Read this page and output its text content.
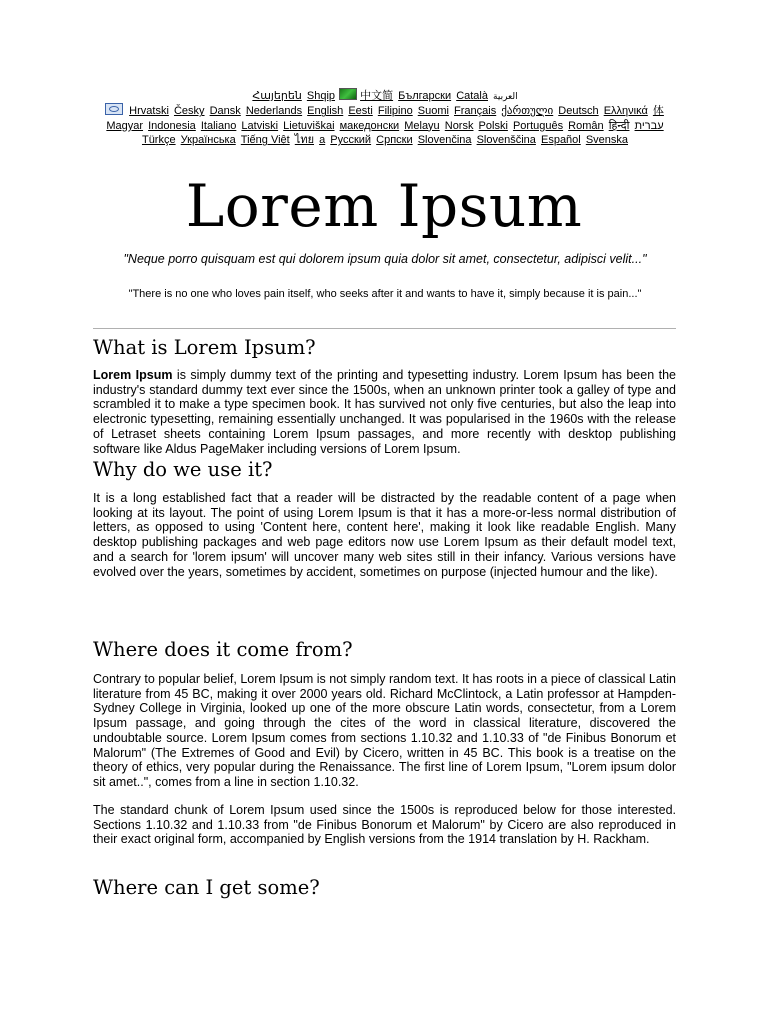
Հայերեն Shqip 中文简 Български Català العربية
Hrvatski Česky Dansk Nederlands English Eesti Filipino Suomi Français ქართული Deutsch Ελληνικά 体
Magyar Indonesia Italiano Latviski Lietuviškai македонски Melayu Norsk Polski Português Român हिन्दी עברית
Türkçe Українська Tiếng Việt ไทย a Русский Српски Slovenčina Slovenščina Español Svenska
Lorem Ipsum

"Neque porro quisquam est qui dolorem ipsum quia dolor sit amet, consectetur, adipisci velit..."

"There is no one who loves pain itself, who seeks after it and wants to have it, simply because it is pain..."

What is Lorem Ipsum?

Lorem Ipsum is simply dummy text of the printing and typesetting industry. Lorem Ipsum has been the industry's standard dummy text ever since the 1500s, when an unknown printer took a galley of type and scrambled it to make a type specimen book. It has survived not only five centuries, but also the leap into electronic typesetting, remaining essentially unchanged. It was popularised in the 1960s with the release of Letraset sheets containing Lorem Ipsum passages, and more recently with desktop publishing software like Aldus PageMaker including versions of Lorem Ipsum.

Why do we use it?

It is a long established fact that a reader will be distracted by the readable content of a page when looking at its layout. The point of using Lorem Ipsum is that it has a more-or-less normal distribution of letters, as opposed to using 'Content here, content here', making it look like readable English. Many desktop publishing packages and web page editors now use Lorem Ipsum as their default model text, and a search for 'lorem ipsum' will uncover many web sites still in their infancy. Various versions have evolved over the years, sometimes by accident, sometimes on purpose (injected humour and the like).

Where does it come from?

Contrary to popular belief, Lorem Ipsum is not simply random text. It has roots in a piece of classical Latin literature from 45 BC, making it over 2000 years old. Richard McClintock, a Latin professor at Hampden-Sydney College in Virginia, looked up one of the more obscure Latin words, consectetur, from a Lorem Ipsum passage, and going through the cites of the word in classical literature, discovered the undoubtable source. Lorem Ipsum comes from sections 1.10.32 and 1.10.33 of "de Finibus Bonorum et Malorum" (The Extremes of Good and Evil) by Cicero, written in 45 BC. This book is a treatise on the theory of ethics, very popular during the Renaissance. The first line of Lorem Ipsum, "Lorem ipsum dolor sit amet..", comes from a line in section 1.10.32.

The standard chunk of Lorem Ipsum used since the 1500s is reproduced below for those interested. Sections 1.10.32 and 1.10.33 from "de Finibus Bonorum et Malorum" by Cicero are also reproduced in their exact original form, accompanied by English versions from the 1914 translation by H. Rackham.

Where can I get some?
